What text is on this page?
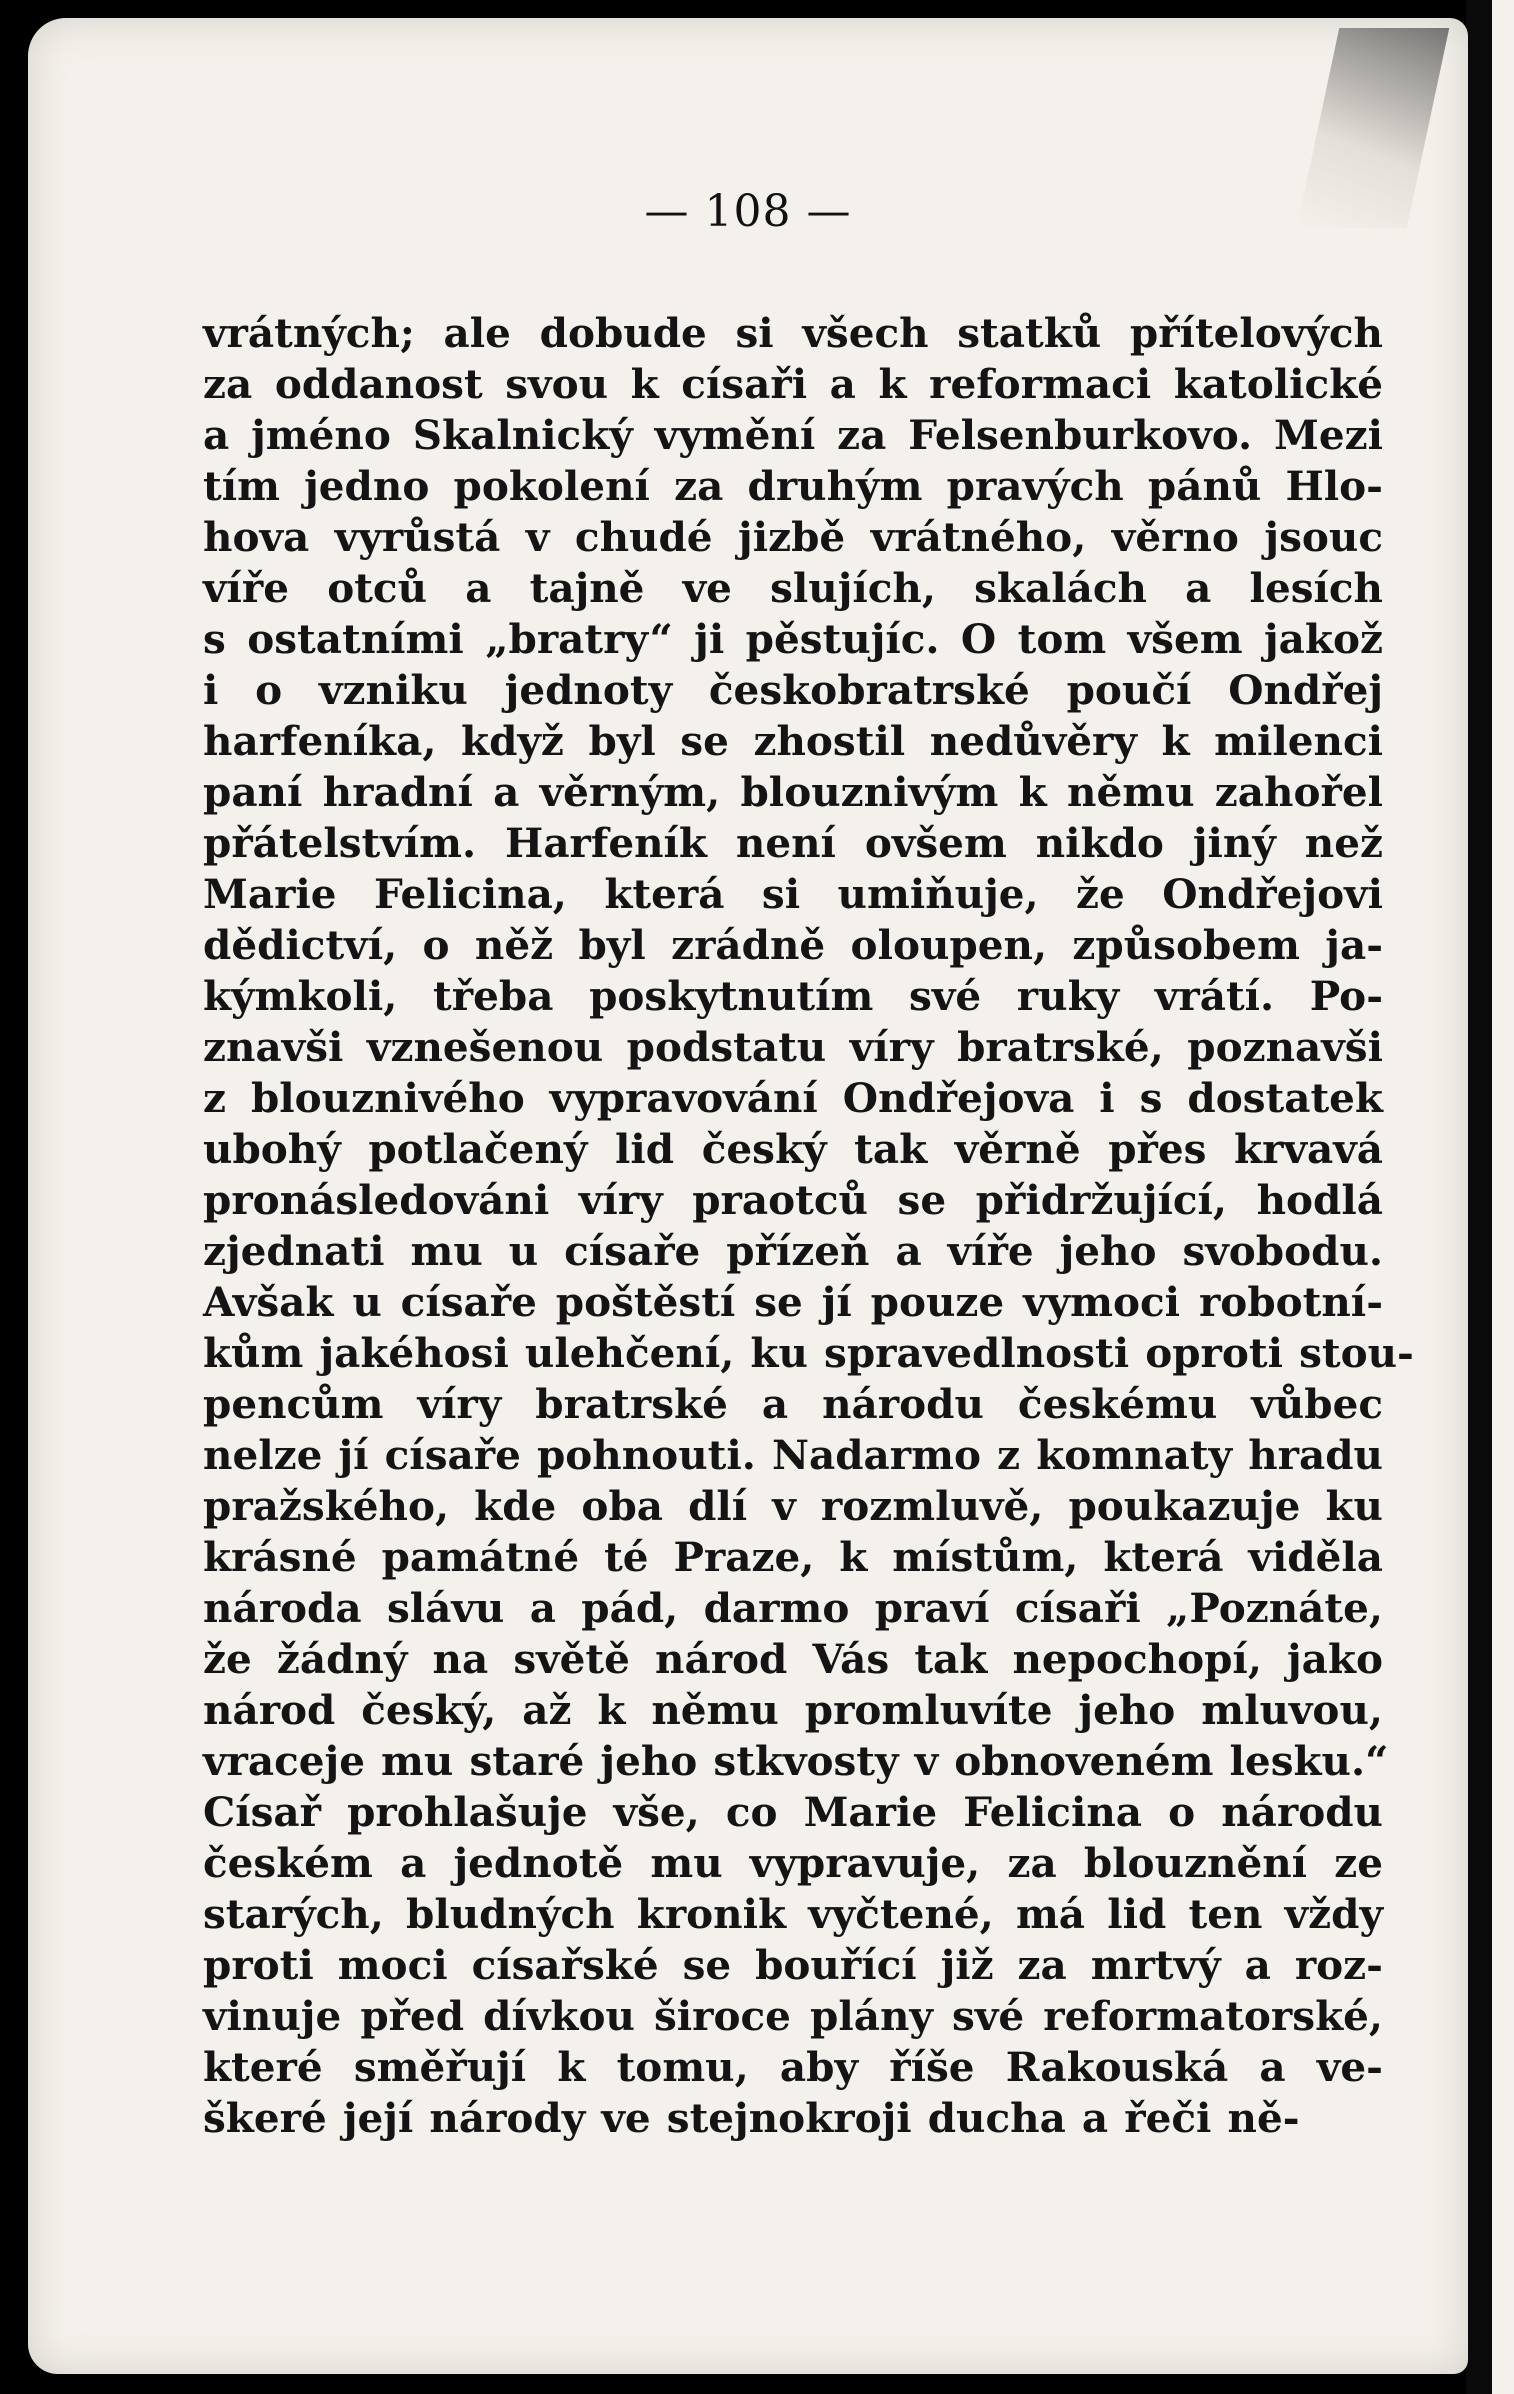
— 108 —
vrátných; ale dobude si všech statků přítelových
za oddanost svou k císaři a k reformaci katolické
a jméno Skalnický vymění za Felsenburkovo. Mezi
tím jedno pokolení za druhým pravých pánů Hlo-
hova vyrůstá v chudé jizbě vrátného, věrno jsouc
víře otců a tajně ve slujích, skalách a lesích
s ostatními „bratry“ ji pěstujíc. O tom všem jakož
i o vzniku jednoty českobratrské poučí Ondřej
harfeníka, když byl se zhostil nedůvěry k milenci
paní hradní a věrným, blouznivým k němu zahořel
přátelstvím. Harfeník není ovšem nikdo jiný než
Marie Felicina, která si umiňuje, že Ondřejovi
dědictví, o něž byl zrádně oloupen, způsobem ja-
kýmkoli, třeba poskytnutím své ruky vrátí. Po-
znavši vznešenou podstatu víry bratrské, poznavši
z blouznivého vypravování Ondřejova i s dostatek
ubohý potlačený lid český tak věrně přes krvavá
pronásledováni víry praotců se přidržující, hodlá
zjednati mu u císaře přízeň a víře jeho svobodu.
Avšak u císaře poštěstí se jí pouze vymoci robotní-
kům jakéhosi ulehčení, ku spravedlnosti oproti stou-
pencům víry bratrské a národu českému vůbec
nelze jí císaře pohnouti. Nadarmo z komnaty hradu
pražského, kde oba dlí v rozmluvě, poukazuje ku
krásné památné té Praze, k místům, která viděla
národa slávu a pád, darmo praví císaři „Poznáte,
že žádný na světě národ Vás tak nepochopí, jako
národ český, až k němu promluvíte jeho mluvou,
vraceje mu staré jeho stkvosty v obnoveném lesku.“
Císař prohlašuje vše, co Marie Felicina o národu
českém a jednotě mu vypravuje, za blouznění ze
starých, bludných kronik vyčtené, má lid ten vždy
proti moci císařské se bouřící již za mrtvý a roz-
vinuje před dívkou široce plány své reformatorské,
které směřují k tomu, aby říše Rakouská a ve-
škeré její národy ve stejnokroji ducha a řeči ně-
